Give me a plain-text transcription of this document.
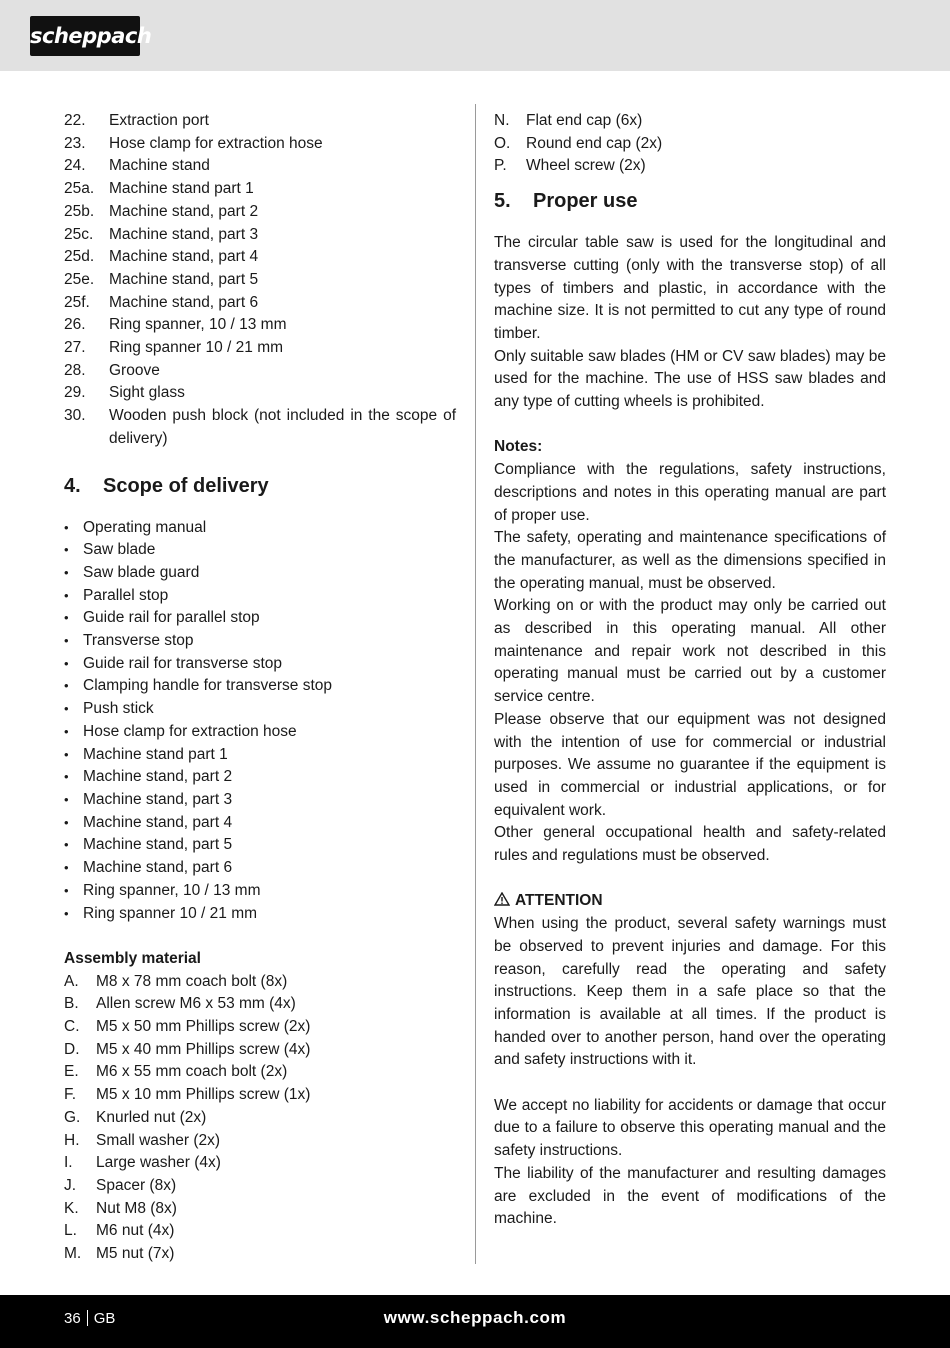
scheppach
22.	Extraction port
23.	Hose clamp for extraction hose
24.	Machine stand
25a. Machine stand part 1
25b. Machine stand, part 2
25c.	Machine stand, part 3
25d. Machine stand, part 4
25e. Machine stand, part 5
25f.	Machine stand, part 6
26.	Ring spanner, 10 / 13 mm
27.	Ring spanner 10 / 21 mm
28.	Groove
29.	Sight glass
30.	Wooden push block (not included in the scope of delivery)
4.	Scope of delivery
• Operating manual
• Saw blade
• Saw blade guard
• Parallel stop
• Guide rail for parallel stop
• Transverse stop
• Guide rail for transverse stop
• Clamping handle for transverse stop
• Push stick
• Hose clamp for extraction hose
• Machine stand part 1
• Machine stand, part 2
• Machine stand, part 3
• Machine stand, part 4
• Machine stand, part 5
• Machine stand, part 6
• Ring spanner, 10 / 13 mm
• Ring spanner 10 / 21 mm
Assembly material
A.	M8 x 78 mm coach bolt (8x)
B.	Allen screw M6 x 53 mm (4x)
C.	M5 x 50 mm Phillips screw (2x)
D.	M5 x 40 mm Phillips screw (4x)
E.	M6 x 55 mm coach bolt (2x)
F.	M5 x 10 mm Phillips screw (1x)
G.	Knurled nut (2x)
H.	Small washer (2x)
I.	Large washer (4x)
J.	Spacer (8x)
K.	Nut M8 (8x)
L.	M6 nut (4x)
M. M5 nut (7x)
N.	Flat end cap (6x)
O.	Round end cap (2x)
P.	Wheel screw (2x)
5.	Proper use
The circular table saw is used for the longitudinal and transverse cutting (only with the transverse stop) of all types of timbers and plastic, in accordance with the machine size. It is not permitted to cut any type of round timber.
Only suitable saw blades (HM or CV saw blades) may be used for the machine. The use of HSS saw blades and any type of cutting wheels is prohibited.
Notes:
Compliance with the regulations, safety instructions, descriptions and notes in this operating manual are part of proper use.
The safety, operating and maintenance specifications of the manufacturer, as well as the dimensions specified in the operating manual, must be observed.
Working on or with the product may only be carried out as described in this operating manual. All other maintenance and repair work not described in this operating manual must be carried out by a customer service centre.
Please observe that our equipment was not designed with the intention of use for commercial or industrial purposes. We assume no guarantee if the equipment is used in commercial or industrial applications, or for equivalent work.
Other general occupational health and safety-related rules and regulations must be observed.
ATTENTION
When using the product, several safety warnings must be observed to prevent injuries and damage. For this reason, carefully read the operating and safety instructions. Keep them in a safe place so that the information is available at all times. If the product is handed over to another person, hand over the operating and safety instructions with it.
We accept no liability for accidents or damage that occur due to a failure to observe this operating manual and the safety instructions.
The liability of the manufacturer and resulting damages are excluded in the event of modifications of the machine.
36 GB	www.scheppach.com
